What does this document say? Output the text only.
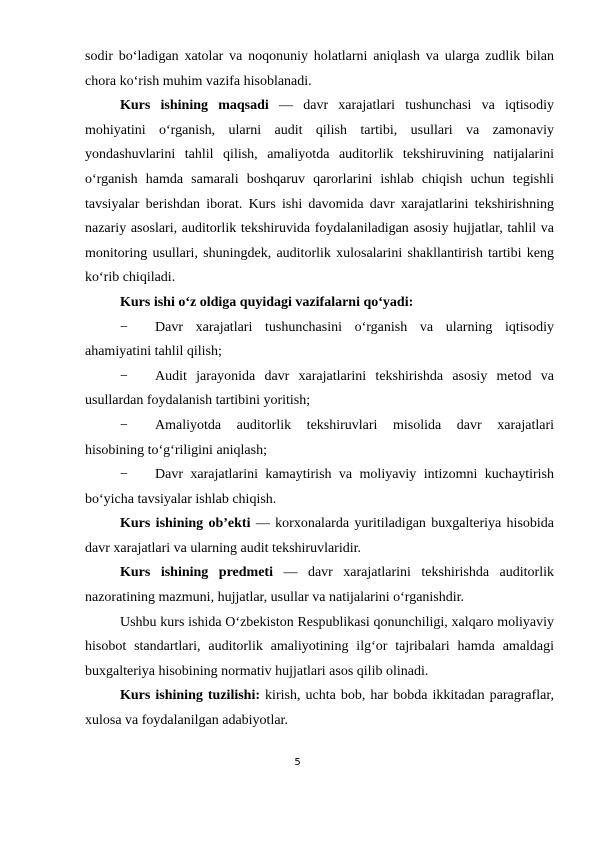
sodir bo‘ladigan xatolar va noqonuniy holatlarni aniqlash va ularga zudlik bilan chora ko‘rish muhim vazifa hisoblanadi.

Kurs ishining maqsadi — davr xarajatlari tushunchasi va iqtisodiy mohiyatini o‘rganish, ularni audit qilish tartibi, usullari va zamonaviy yondashuvlarini tahlil qilish, amaliyotda auditorlik tekshiruvining natijalarini o‘rganish hamda samarali boshqaruv qarorlarini ishlab chiqish uchun tegishli tavsiyalar berishdan iborat. Kurs ishi davomida davr xarajatlarini tekshirishning nazariy asoslari, auditorlik tekshiruvida foydalaniladigan asosiy hujjatlar, tahlil va monitoring usullari, shuningdek, auditorlik xulosalarini shakllantirish tartibi keng ko‘rib chiqiladi.

Kurs ishi o‘z oldiga quyidagi vazifalarni qo‘yadi:

− Davr xarajatlari tushunchasini o‘rganish va ularning iqtisodiy ahamiyatini tahlil qilish;

− Audit jarayonida davr xarajatlarini tekshirishda asosiy metod va usullardan foydalanish tartibini yoritish;

− Amaliyotda auditorlik tekshiruvlari misolida davr xarajatlari hisobining to‘g‘riligini aniqlash;

− Davr xarajatlarini kamaytirish va moliyaviy intizomni kuchaytirish bo‘yicha tavsiyalar ishlab chiqish.

Kurs ishining ob’ekti — korxonalarda yuritiladigan buxgalteriya hisobida davr xarajatlari va ularning audit tekshiruvlaridir.

Kurs ishining predmeti — davr xarajatlarini tekshirishda auditorlik nazoratining mazmuni, hujjatlar, usullar va natijalarini o‘rganishdir.

Ushbu kurs ishida O‘zbekiston Respublikasi qonunchiligi, xalqaro moliyaviy hisobot standartlari, auditorlik amaliyotining ilg‘or tajribalari hamda amaldagi buxgalteriya hisobining normativ hujjatlari asos qilib olinadi.

Kurs ishining tuzilishi: kirish, uchta bob, har bobda ikkitadan paragraflar, xulosa va foydalanilgan adabiyotlar.

5
